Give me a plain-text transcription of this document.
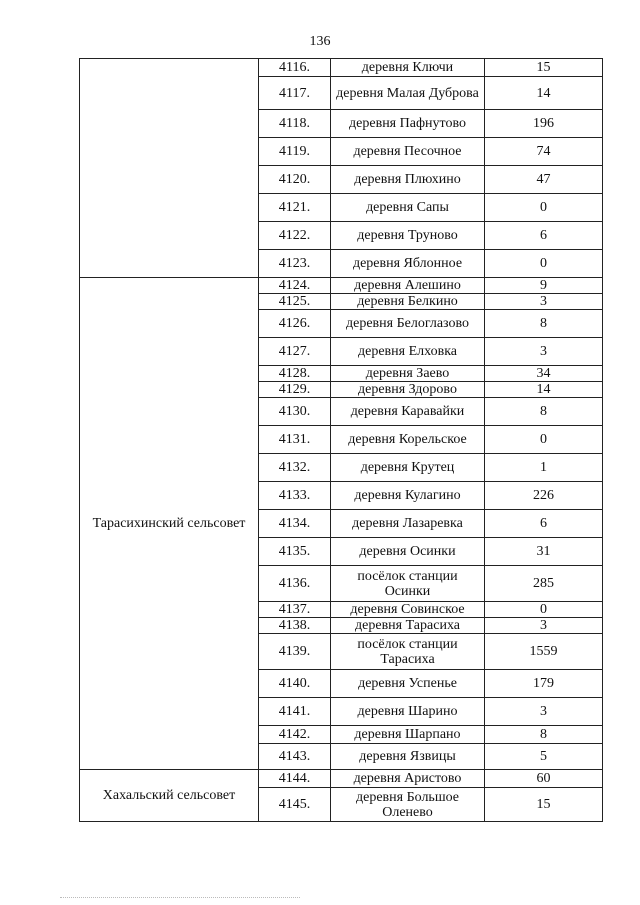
136
	4116.	деревня Ключи	15
	4117.	деревня Малая Дуброва	14
	4118.	деревня Пафнутово	196
	4119.	деревня Песочное	74
	4120.	деревня Плюхино	47
	4121.	деревня Сапы	0
	4122.	деревня Труново	6
	4123.	деревня Яблонное	0
Тарасихинский сельсовет	4124.	деревня Алешино	9
	4125.	деревня Белкино	3
	4126.	деревня Белоглазово	8
	4127.	деревня Елховка	3
	4128.	деревня Заево	34
	4129.	деревня Здорово	14
	4130.	деревня Каравайки	8
	4131.	деревня Корельское	0
	4132.	деревня Крутец	1
	4133.	деревня Кулагино	226
	4134.	деревня Лазаревка	6
	4135.	деревня Осинки	31
	4136.	посёлок станции Осинки	285
	4137.	деревня Совинское	0
	4138.	деревня Тарасиха	3
	4139.	посёлок станции Тарасиха	1559
	4140.	деревня Успенье	179
	4141.	деревня Шарино	3
	4142.	деревня Шарпано	8
	4143.	деревня Язвицы	5
Хахальский сельсовет	4144.	деревня Аристово	60
	4145.	деревня Большое Оленево	15
